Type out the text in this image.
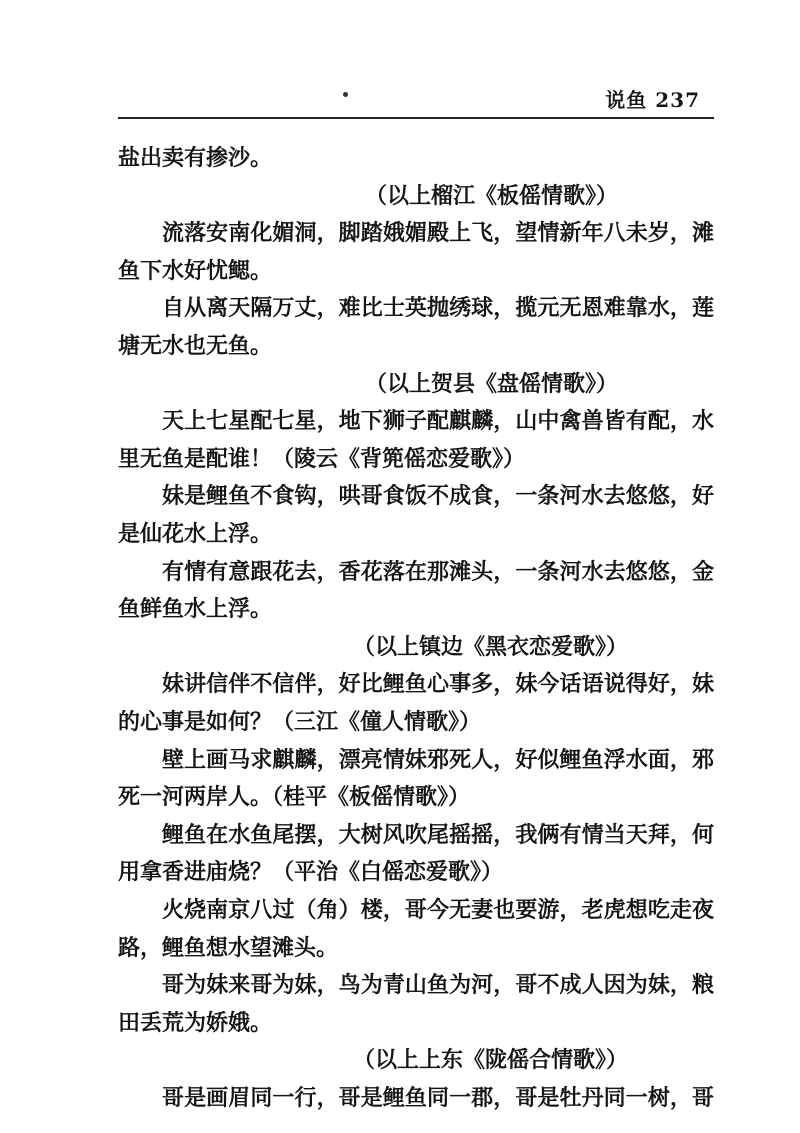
说鱼 237
盐出卖有掺沙。
（以上榴江《板傜情歌》）
流落安南化媚洞，脚踏娥媚殿上飞，望情新年八未岁，滩
鱼下水好忧鳃。
自从离天隔万丈，难比士英抛绣球，揽元无恩难靠水，莲
塘无水也无鱼。
（以上贺县《盘傜情歌》）
天上七星配七星，地下狮子配麒麟，山中禽兽皆有配，水
里无鱼是配谁！（陵云《背篼傜恋爱歌》）
妹是鲤鱼不食钩，哄哥食饭不成食，一条河水去悠悠，好
是仙花水上浮。
有情有意跟花去，香花落在那滩头，一条河水去悠悠，金
鱼鲜鱼水上浮。
（以上镇边《黑衣恋爱歌》）
妹讲信伴不信伴，好比鲤鱼心事多，妹今话语说得好，妹
的心事是如何？（三江《僮人情歌》）
壁上画马求麒麟，漂亮情妹邪死人，好似鲤鱼浮水面，邪
死一河两岸人。（桂平《板傜情歌》）
鲤鱼在水鱼尾摆，大树风吹尾摇摇，我俩有情当天拜，何
用拿香进庙烧？（平治《白傜恋爱歌》）
火烧南京八过（角）楼，哥今无妻也要游，老虎想吃走夜
路，鲤鱼想水望滩头。
哥为妹来哥为妹，鸟为青山鱼为河，哥不成人因为妹，粮
田丢荒为娇娥。
（以上上东《陇傜合情歌》）
哥是画眉同一行，哥是鲤鱼同一郡，哥是牡丹同一树，哥
